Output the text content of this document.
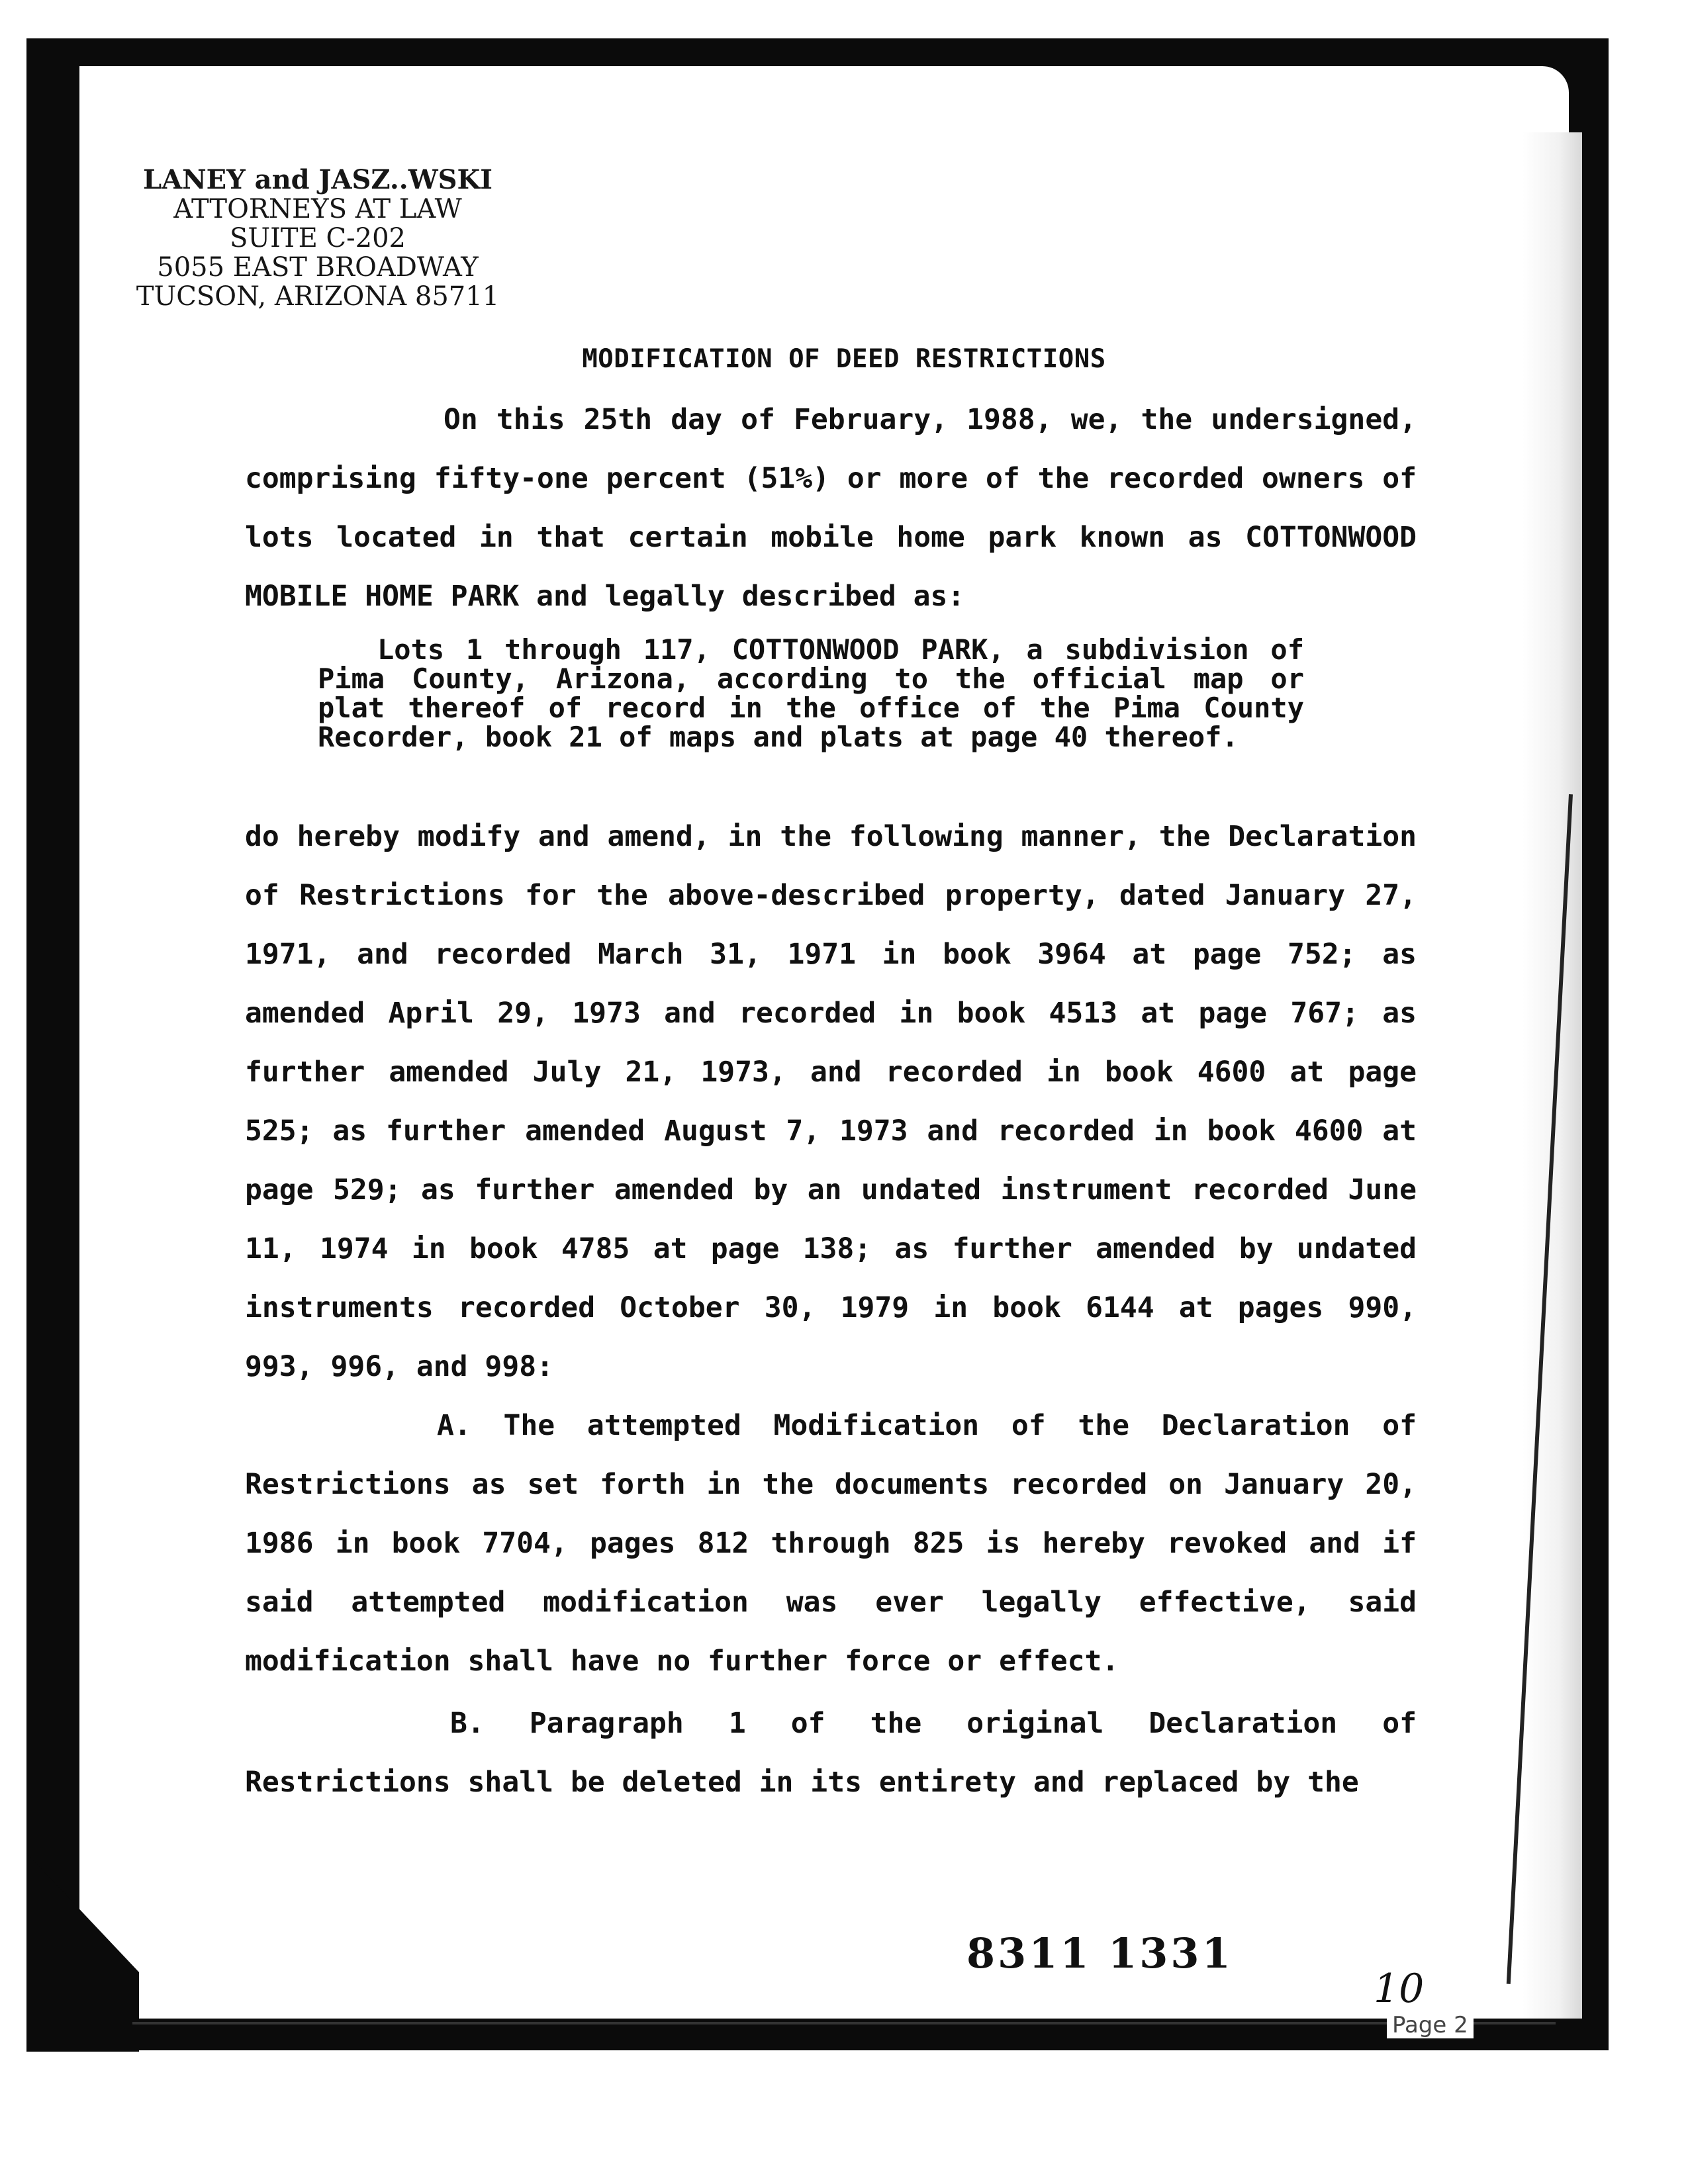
LANEY and JASZ..WSKI
ATTORNEYS AT LAW
SUITE C-202
5055 EAST BROADWAY
TUCSON, ARIZONA 85711
MODIFICATION OF DEED RESTRICTIONS
On this 25th day of February, 1988, we, the undersigned, comprising fifty-one percent (51%) or more of the recorded owners of lots located in that certain mobile home park known as COTTONWOOD MOBILE HOME PARK and legally described as:
Lots 1 through 117, COTTONWOOD PARK, a subdivision of Pima County, Arizona, according to the official map or plat thereof of record in the office of the Pima County Recorder, book 21 of maps and plats at page 40 thereof.
do hereby modify and amend, in the following manner, the Declaration of Restrictions for the above-described property, dated January 27, 1971, and recorded March 31, 1971 in book 3964 at page 752; as amended April 29, 1973 and recorded in book 4513 at page 767; as further amended July 21, 1973, and recorded in book 4600 at page 525; as further amended August 7, 1973 and recorded in book 4600 at page 529; as further amended by an undated instrument recorded June 11, 1974 in book 4785 at page 138; as further amended by undated instruments recorded October 30, 1979 in book 6144 at pages 990, 993, 996, and 998:
A. The attempted Modification of the Declaration of Restrictions as set forth in the documents recorded on January 20, 1986 in book 7704, pages 812 through 825 is hereby revoked and if said attempted modification was ever legally effective, said modification shall have no further force or effect.
B. Paragraph 1 of the original Declaration of Restrictions shall be deleted in its entirety and replaced by the
8311 1331
10
Page 2
